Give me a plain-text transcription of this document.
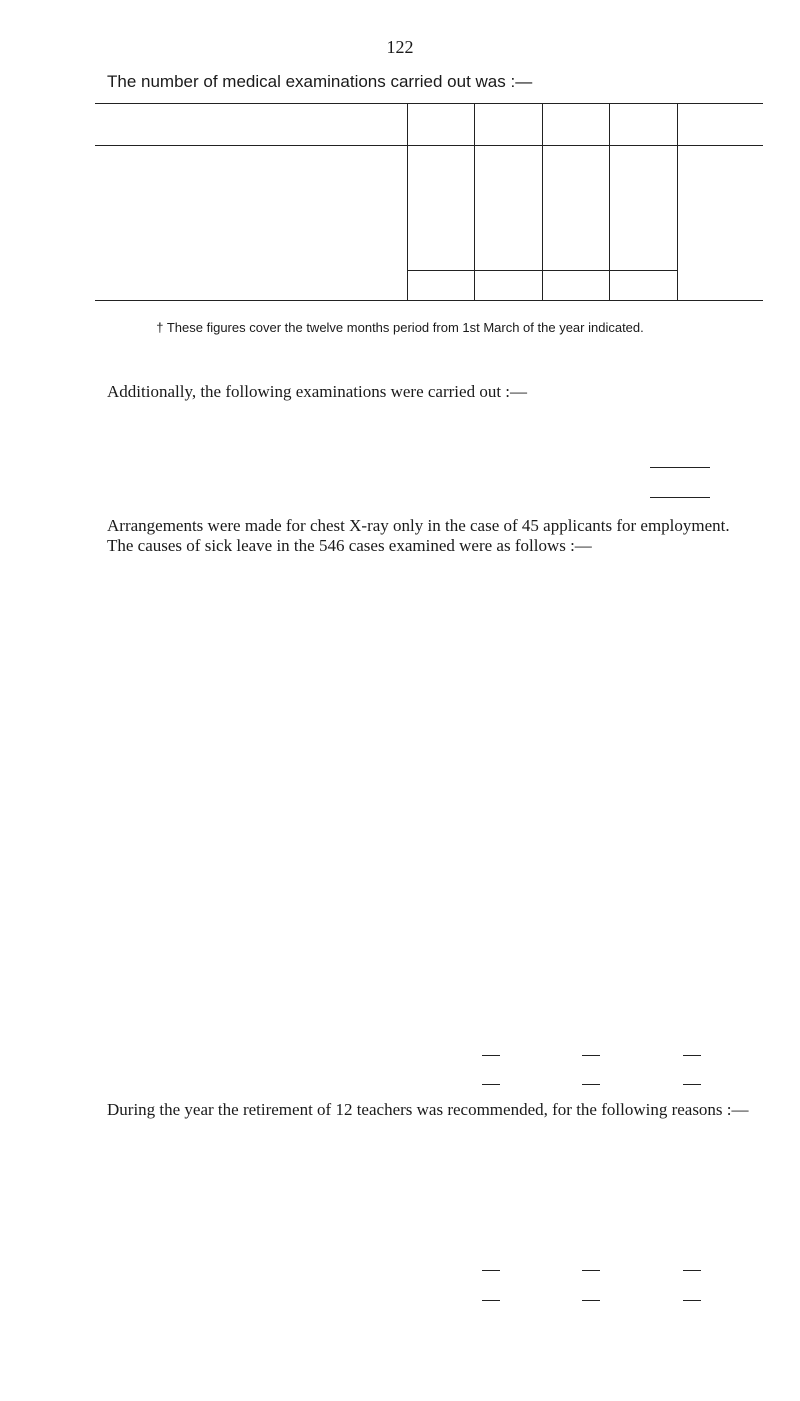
122
The number of medical examinations carried out was :—
† These figures cover the twelve months period from 1st March of the year indicated.
Additionally, the following examinations were carried out :—
Arrangements were made for chest X-ray only in the case of 45 applicants for employment.
The causes of sick leave in the 546 cases examined were as follows :—
During the year the retirement of 12 teachers was recommended, for the following reasons :—
